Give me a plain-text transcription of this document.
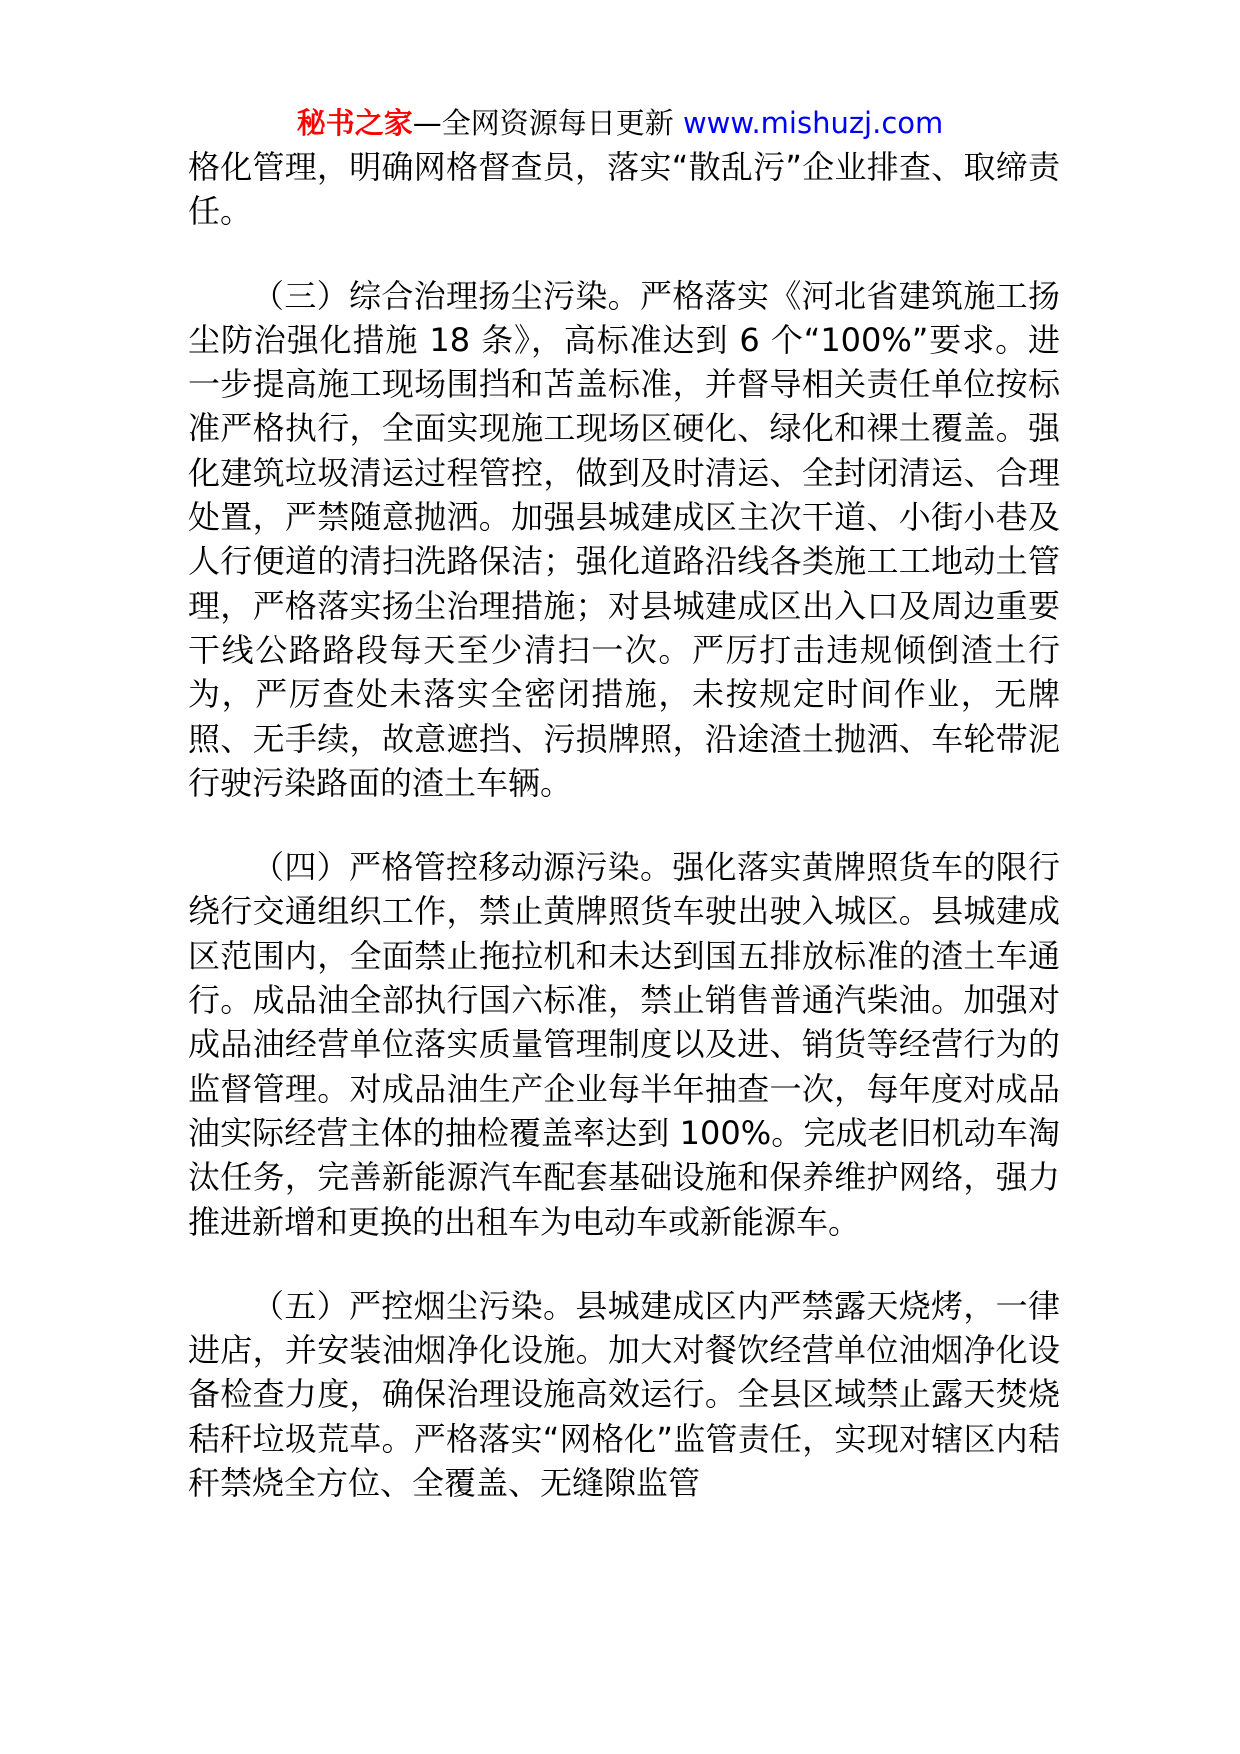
秘书之家—全网资源每日更新 www.mishuzj.com

格化管理，明确网格督查员，落实“散乱污”企业排查、取缔责任。

（三）综合治理扬尘污染。严格落实《河北省建筑施工扬尘防治强化措施 18 条》，高标准达到 6 个“100%”要求。进一步提高施工现场围挡和苫盖标准，并督导相关责任单位按标准严格执行，全面实现施工现场区硬化、绿化和裸土覆盖。强化建筑垃圾清运过程管控，做到及时清运、全封闭清运、合理处置，严禁随意抛洒。加强县城建成区主次干道、小街小巷及人行便道的清扫洗路保洁；强化道路沿线各类施工工地动土管理，严格落实扬尘治理措施；对县城建成区出入口及周边重要干线公路路段每天至少清扫一次。严厉打击违规倾倒渣土行为，严厉查处未落实全密闭措施，未按规定时间作业，无牌照、无手续，故意遮挡、污损牌照，沿途渣土抛洒、车轮带泥行驶污染路面的渣土车辆。

（四）严格管控移动源污染。强化落实黄牌照货车的限行绕行交通组织工作，禁止黄牌照货车驶出驶入城区。县城建成区范围内，全面禁止拖拉机和未达到国五排放标准的渣土车通行。成品油全部执行国六标准，禁止销售普通汽柴油。加强对成品油经营单位落实质量管理制度以及进、销货等经营行为的监督管理。对成品油生产企业每半年抽查一次，每年度对成品油实际经营主体的抽检覆盖率达到 100%。完成老旧机动车淘汰任务，完善新能源汽车配套基础设施和保养维护网络，强力推进新增和更换的出租车为电动车或新能源车。

（五）严控烟尘污染。县城建成区内严禁露天烧烤，一律进店，并安装油烟净化设施。加大对餐饮经营单位油烟净化设备检查力度，确保治理设施高效运行。全县区域禁止露天焚烧秸秆垃圾荒草。严格落实“网格化”监管责任，实现对辖区内秸秆禁烧全方位、全覆盖、无缝隙监管
